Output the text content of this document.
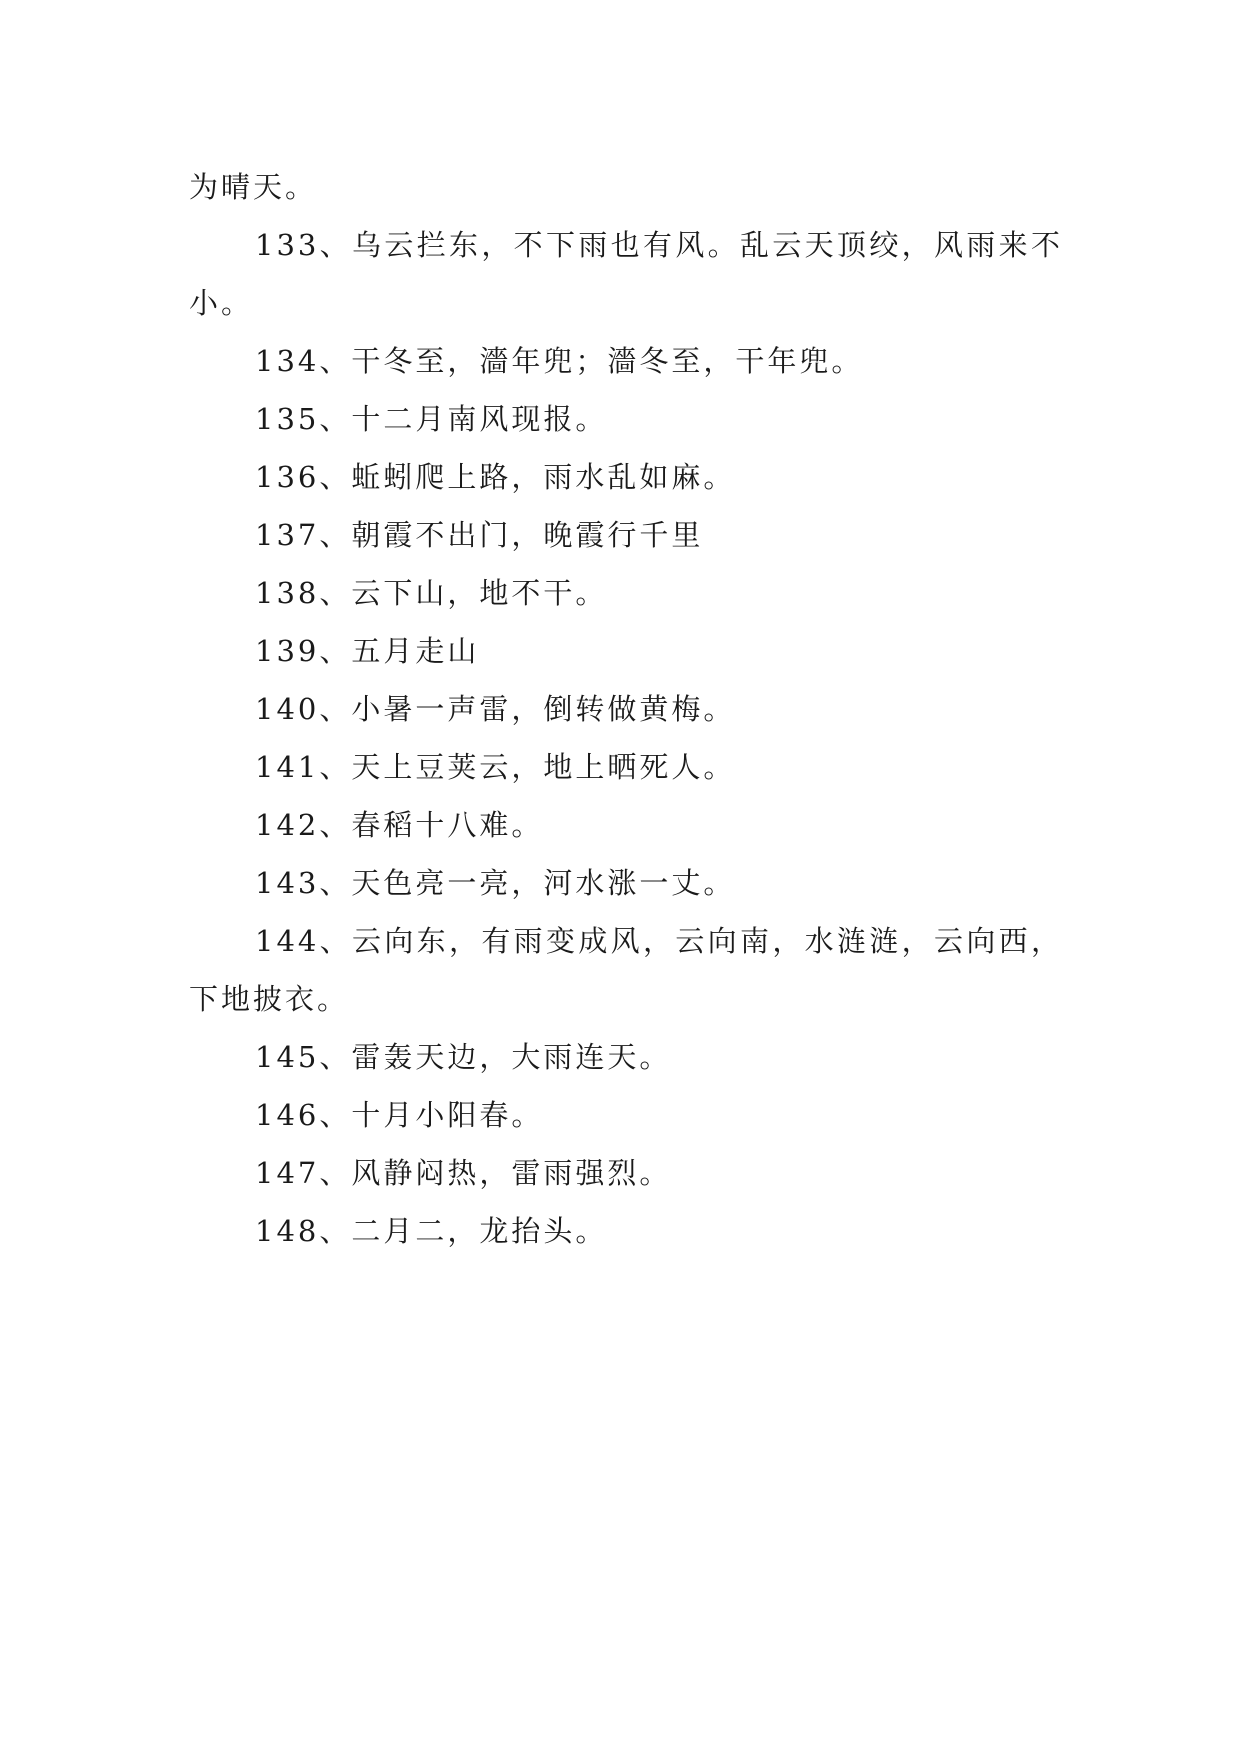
为晴天。

133、乌云拦东，不下雨也有风。乱云天顶绞，风雨来不小。

134、干冬至，濇年兜；濇冬至，干年兜。

135、十二月南风现报。

136、蚯蚓爬上路，雨水乱如麻。

137、朝霞不出门，晚霞行千里

138、云下山，地不干。

139、五月走山

140、小暑一声雷，倒转做黄梅。

141、天上豆荚云，地上晒死人。

142、春稻十八难。

143、天色亮一亮，河水涨一丈。

144、云向东，有雨变成风，云向南，水涟涟，云向西，下地披衣。

145、雷轰天边，大雨连天。

146、十月小阳春。

147、风静闷热，雷雨强烈。

148、二月二，龙抬头。
